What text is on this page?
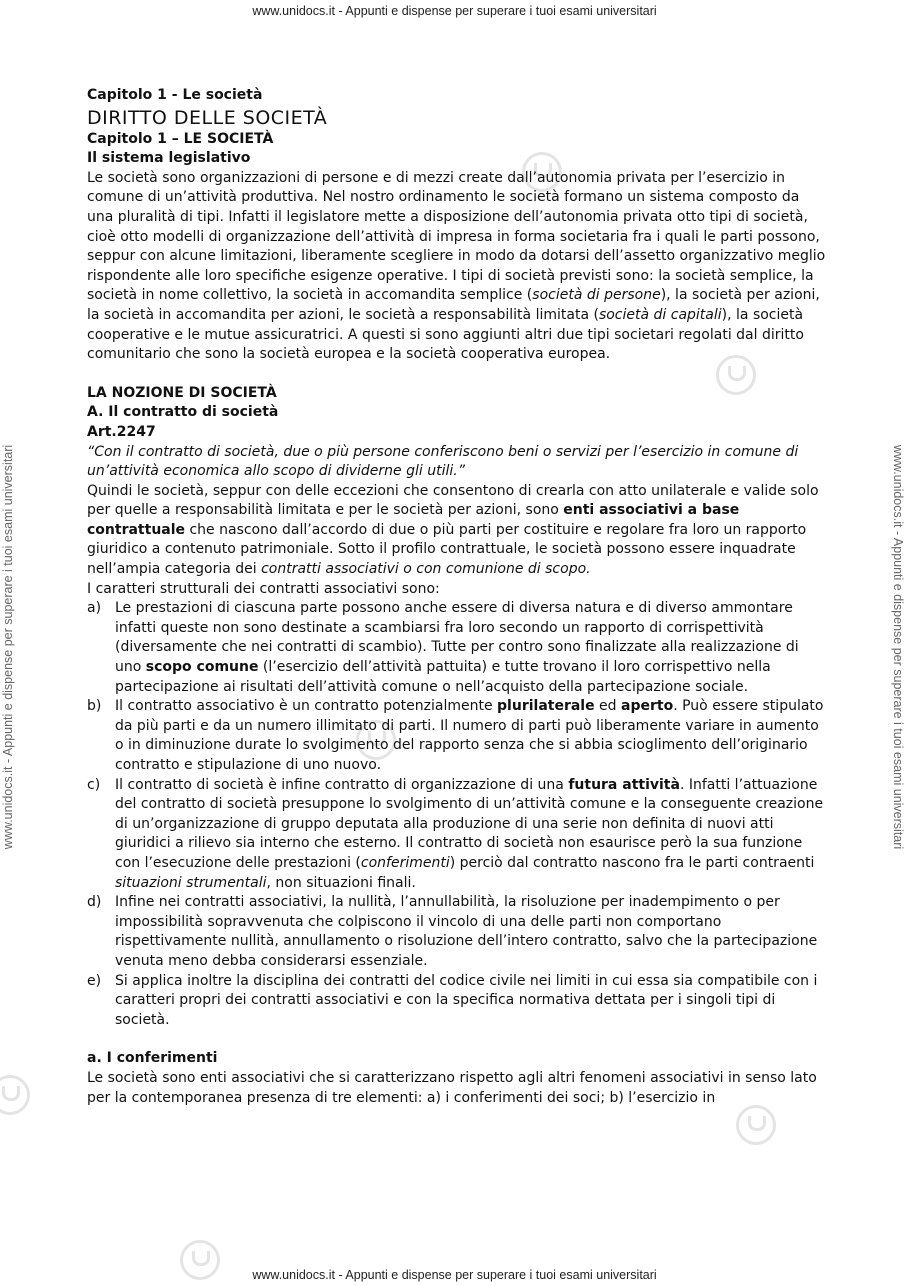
www.unidocs.it - Appunti e dispense per superare i tuoi esami universitari
www.unidocs.it - Appunti e dispense per superare i tuoi esami universitari
www.unidocs.it - Appunti e dispense per superare i tuoi esami universitari	www.unidocs.it - Appunti e dispense per superare i tuoi esami universitari

Capitolo 1 - Le società

DIRITTO DELLE SOCIETÀ

Capitolo 1 – LE SOCIETÀ

Il sistema legislativo

Le società sono organizzazioni di persone e di mezzi create dall’autonomia privata per l’esercizio in comune di un’attività produttiva. Nel nostro ordinamento le società formano un sistema composto da una pluralità di tipi. Infatti il legislatore mette a disposizione dell’autonomia privata otto tipi di società, cioè otto modelli di organizzazione dell’attività di impresa in forma societaria fra i quali le parti possono, seppur con alcune limitazioni, liberamente scegliere in modo da dotarsi dell’assetto organizzativo meglio rispondente alle loro specifiche esigenze operative. I tipi di società previsti sono: la società semplice, la società in nome collettivo, la società in accomandita semplice (società di persone), la società per azioni, la società in accomandita per azioni, le società a responsabilità limitata (società di capitali), la società cooperative e le mutue assicuratrici. A questi si sono aggiunti altri due tipi societari regolati dal diritto comunitario che sono la società europea e la società cooperativa europea.

LA NOZIONE DI SOCIETÀ

A. Il contratto di società

Art.2247

“Con il contratto di società, due o più persone conferiscono beni o servizi per l’esercizio in comune di un’attività economica allo scopo di dividerne gli utili.”

Quindi le società, seppur con delle eccezioni che consentono di crearla con atto unilaterale e valide solo per quelle a responsabilità limitata e per le società per azioni, sono enti associativi a base contrattuale che nascono dall’accordo di due o più parti per costituire e regolare fra loro un rapporto giuridico a contenuto patrimoniale. Sotto il profilo contrattuale, le società possono essere inquadrate nell’ampia categoria dei contratti associativi o con comunione di scopo.

I caratteri strutturali dei contratti associativi sono:

a) Le prestazioni di ciascuna parte possono anche essere di diversa natura e di diverso ammontare infatti queste non sono destinate a scambiarsi fra loro secondo un rapporto di corrispettività (diversamente che nei contratti di scambio). Tutte per contro sono finalizzate alla realizzazione di uno scopo comune (l’esercizio dell’attività pattuita) e tutte trovano il loro corrispettivo nella partecipazione ai risultati dell’attività comune o nell’acquisto della partecipazione sociale.
b) Il contratto associativo è un contratto potenzialmente plurilaterale ed aperto. Può essere stipulato da più parti e da un numero illimitato di parti. Il numero di parti può liberamente variare in aumento o in diminuzione durate lo svolgimento del rapporto senza che si abbia scioglimento dell’originario contratto e stipulazione di uno nuovo.
c) Il contratto di società è infine contratto di organizzazione di una futura attività. Infatti l’attuazione del contratto di società presuppone lo svolgimento di un’attività comune e la conseguente creazione di un’organizzazione di gruppo deputata alla produzione di una serie non definita di nuovi atti giuridici a rilievo sia interno che esterno. Il contratto di società non esaurisce però la sua funzione con l’esecuzione delle prestazioni (conferimenti) perciò dal contratto nascono fra le parti contraenti situazioni strumentali, non situazioni finali.
d) Infine nei contratti associativi, la nullità, l’annullabilità, la risoluzione per inadempimento o per impossibilità sopravvenuta che colpiscono il vincolo di una delle parti non comportano rispettivamente nullità, annullamento o risoluzione dell’intero contratto, salvo che la partecipazione venuta meno debba considerarsi essenziale.
e) Si applica inoltre la disciplina dei contratti del codice civile nei limiti in cui essa sia compatibile con i caratteri propri dei contratti associativi e con la specifica normativa dettata per i singoli tipi di società.

a. I conferimenti

Le società sono enti associativi che si caratterizzano rispetto agli altri fenomeni associativi in senso lato per la contemporanea presenza di tre elementi: a) i conferimenti dei soci; b) l’esercizio in
